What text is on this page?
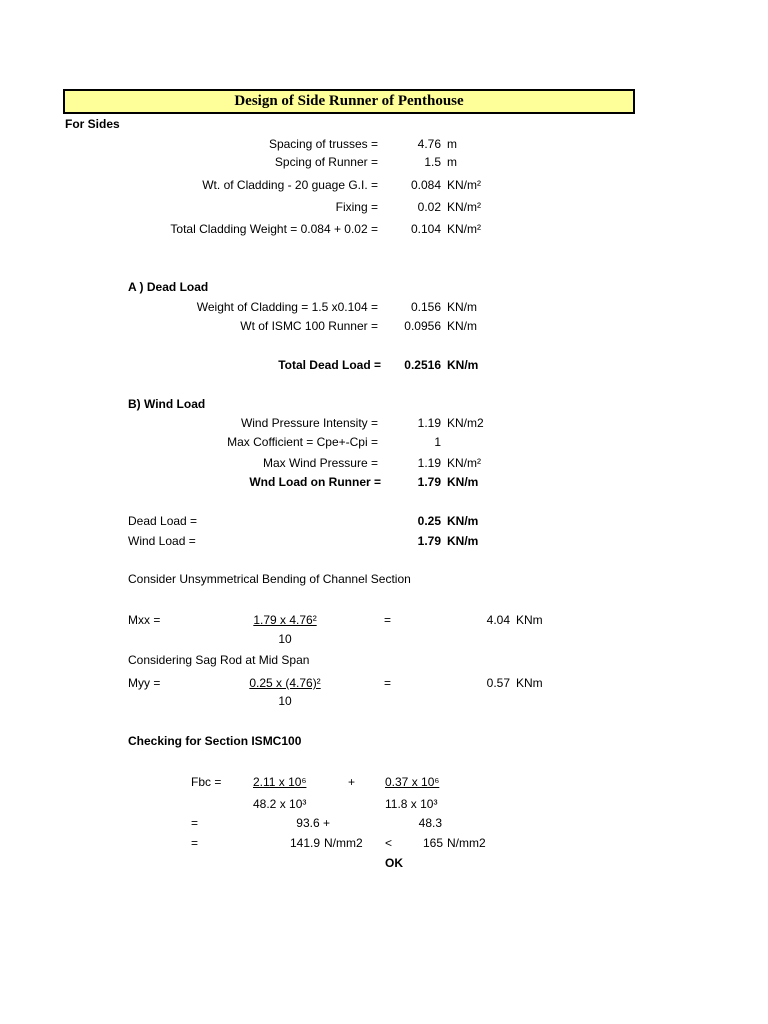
Design of Side Runner of Penthouse
For Sides
Spacing of trusses =	4.76 m
Spcing of Runner =	1.5 m
Wt. of Cladding - 20 guage G.I. =	0.084 KN/m²
Fixing =	0.02 KN/m²
Total Cladding Weight = 0.084 + 0.02 =	0.104 KN/m²
A ) Dead Load
Weight of Cladding = 1.5 x0.104 =	0.156 KN/m
Wt of ISMC 100 Runner = 0.0956 KN/m
Total Dead Load = 0.2516 KN/m
B) Wind Load
Wind Pressure Intensity =	1.19 KN/m2
Max Cofficient = Cpe+-Cpi =	1
Max Wind Pressure =	1.19 KN/m²
Wnd Load on Runner =	1.79 KN/m
Dead Load =	0.25 KN/m
Wind Load =	1.79 KN/m
Consider Unsymmetrical Bending of Channel Section
Mxx =	1.79 x 4.76²
10
=	4.04 KNm
Considering Sag Rod at Mid Span
Myy =	0.25 x (4.76)²
10
=	0.57 KNm
Checking for Section ISMC100
Fbc =	2.11 x 10⁶	+ 0.37 x 10⁶
48.2 x 10³	11.8 x 10³
=	93.6 +	48.3
=	141.9 N/mm2 <	165 N/mm2
OK
